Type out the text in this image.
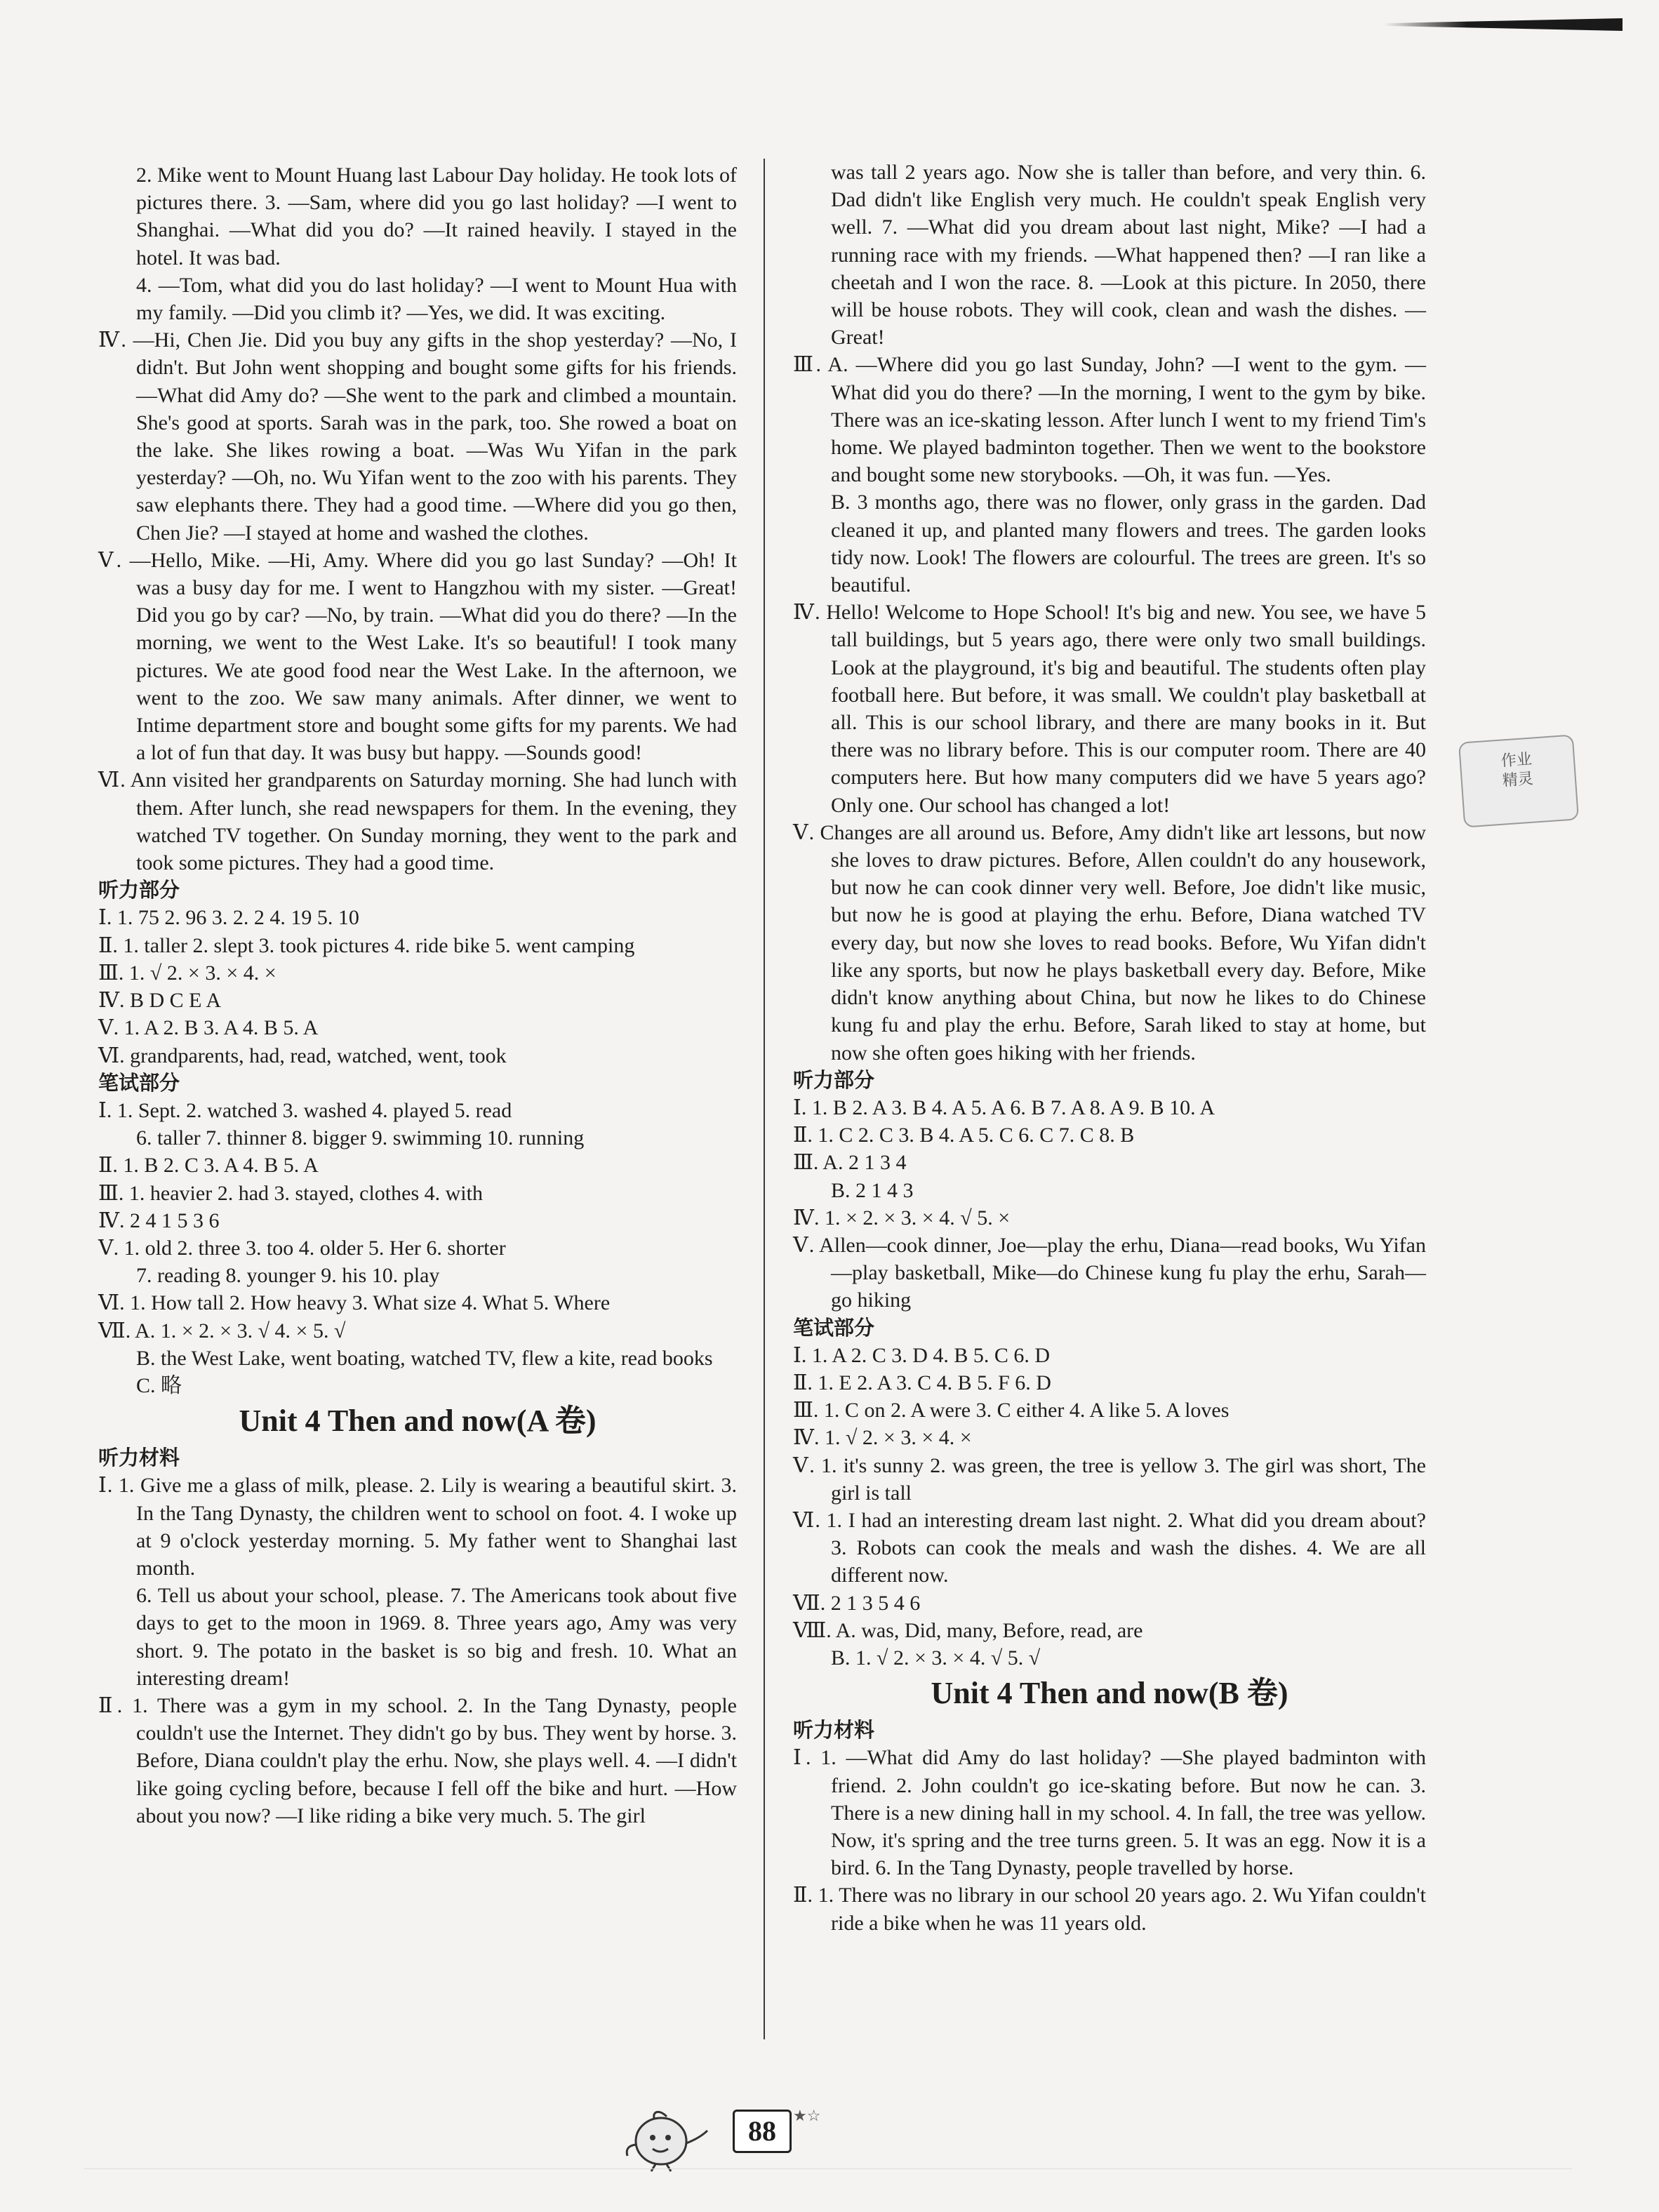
2. Mike went to Mount Huang last Labour Day holiday. He took lots of pictures there. 3. —Sam, where did you go last holiday? —I went to Shanghai. —What did you do? —It rained heavily. I stayed in the hotel. It was bad.

4. —Tom, what did you do last holiday? —I went to Mount Hua with my family. —Did you climb it? —Yes, we did. It was exciting.

Ⅳ. —Hi, Chen Jie. Did you buy any gifts in the shop yesterday? —No, I didn't. But John went shopping and bought some gifts for his friends. —What did Amy do? —She went to the park and climbed a mountain. She's good at sports. Sarah was in the park, too. She rowed a boat on the lake. She likes rowing a boat. —Was Wu Yifan in the park yesterday? —Oh, no. Wu Yifan went to the zoo with his parents. They saw elephants there. They had a good time. —Where did you go then, Chen Jie? —I stayed at home and washed the clothes.

Ⅴ. —Hello, Mike. —Hi, Amy. Where did you go last Sunday? —Oh! It was a busy day for me. I went to Hangzhou with my sister. —Great! Did you go by car? —No, by train. —What did you do there? —In the morning, we went to the West Lake. It's so beautiful! I took many pictures. We ate good food near the West Lake. In the afternoon, we went to the zoo. We saw many animals. After dinner, we went to Intime department store and bought some gifts for my parents. We had a lot of fun that day. It was busy but happy. —Sounds good!

Ⅵ. Ann visited her grandparents on Saturday morning. She had lunch with them. After lunch, she read newspapers for them. In the evening, they watched TV together. On Sunday morning, they went to the park and took some pictures. They had a good time.

听力部分

Ⅰ. 1. 75 2. 96 3. 2. 2 4. 19 5. 10

Ⅱ. 1. taller 2. slept 3. took pictures 4. ride bike 5. went camping

Ⅲ. 1. √ 2. × 3. × 4. ×

Ⅳ. B D C E A

Ⅴ. 1. A 2. B 3. A 4. B 5. A

Ⅵ. grandparents, had, read, watched, went, took

笔试部分

Ⅰ. 1. Sept. 2. watched 3. washed 4. played 5. read

6. taller 7. thinner 8. bigger 9. swimming 10. running

Ⅱ. 1. B 2. C 3. A 4. B 5. A

Ⅲ. 1. heavier 2. had 3. stayed, clothes 4. with

Ⅳ. 2 4 1 5 3 6

Ⅴ. 1. old 2. three 3. too 4. older 5. Her 6. shorter

7. reading 8. younger 9. his 10. play

Ⅵ. 1. How tall 2. How heavy 3. What size 4. What 5. Where

Ⅶ. A. 1. × 2. × 3. √ 4. × 5. √

B. the West Lake, went boating, watched TV, flew a kite, read books

C. 略

Unit 4 Then and now(A 卷)

听力材料

Ⅰ. 1. Give me a glass of milk, please. 2. Lily is wearing a beautiful skirt. 3. In the Tang Dynasty, the children went to school on foot. 4. I woke up at 9 o'clock yesterday morning. 5. My father went to Shanghai last month.

6. Tell us about your school, please. 7. The Americans took about five days to get to the moon in 1969. 8. Three years ago, Amy was very short. 9. The potato in the basket is so big and fresh. 10. What an interesting dream!

Ⅱ. 1. There was a gym in my school. 2. In the Tang Dynasty, people couldn't use the Internet. They didn't go by bus. They went by horse. 3. Before, Diana couldn't play the erhu. Now, she plays well. 4. —I didn't like going cycling before, because I fell off the bike and hurt. —How about you now? —I like riding a bike very much. 5. The girl

was tall 2 years ago. Now she is taller than before, and very thin. 6. Dad didn't like English very much. He couldn't speak English very well. 7. —What did you dream about last night, Mike? —I had a running race with my friends. —What happened then? —I ran like a cheetah and I won the race. 8. —Look at this picture. In 2050, there will be house robots. They will cook, clean and wash the dishes. —Great!

Ⅲ. A. —Where did you go last Sunday, John? —I went to the gym. —What did you do there? —In the morning, I went to the gym by bike. There was an ice-skating lesson. After lunch I went to my friend Tim's home. We played badminton together. Then we went to the bookstore and bought some new storybooks. —Oh, it was fun. —Yes.

B. 3 months ago, there was no flower, only grass in the garden. Dad cleaned it up, and planted many flowers and trees. The garden looks tidy now. Look! The flowers are colourful. The trees are green. It's so beautiful.

Ⅳ. Hello! Welcome to Hope School! It's big and new. You see, we have 5 tall buildings, but 5 years ago, there were only two small buildings. Look at the playground, it's big and beautiful. The students often play football here. But before, it was small. We couldn't play basketball at all. This is our school library, and there are many books in it. But there was no library before. This is our computer room. There are 40 computers here. But how many computers did we have 5 years ago? Only one. Our school has changed a lot!

Ⅴ. Changes are all around us. Before, Amy didn't like art lessons, but now she loves to draw pictures. Before, Allen couldn't do any housework, but now he can cook dinner very well. Before, Joe didn't like music, but now he is good at playing the erhu. Before, Diana watched TV every day, but now she loves to read books. Before, Wu Yifan didn't like any sports, but now he plays basketball every day. Before, Mike didn't know anything about China, but now he likes to do Chinese kung fu and play the erhu. Before, Sarah liked to stay at home, but now she often goes hiking with her friends.

听力部分

Ⅰ. 1. B 2. A 3. B 4. A 5. A 6. B 7. A 8. A 9. B 10. A

Ⅱ. 1. C 2. C 3. B 4. A 5. C 6. C 7. C 8. B

Ⅲ. A. 2 1 3 4

B. 2 1 4 3

Ⅳ. 1. × 2. × 3. × 4. √ 5. ×

Ⅴ. Allen—cook dinner, Joe—play the erhu, Diana—read books, Wu Yifan—play basketball, Mike—do Chinese kung fu play the erhu, Sarah—go hiking

笔试部分

Ⅰ. 1. A 2. C 3. D 4. B 5. C 6. D

Ⅱ. 1. E 2. A 3. C 4. B 5. F 6. D

Ⅲ. 1. C on 2. A were 3. C either 4. A like 5. A loves

Ⅳ. 1. √ 2. × 3. × 4. ×

Ⅴ. 1. it's sunny 2. was green, the tree is yellow 3. The girl was short, The girl is tall

Ⅵ. 1. I had an interesting dream last night. 2. What did you dream about? 3. Robots can cook the meals and wash the dishes. 4. We are all different now.

Ⅶ. 2 1 3 5 4 6

Ⅷ. A. was, Did, many, Before, read, are

B. 1. √ 2. × 3. × 4. √ 5. √

Unit 4 Then and now(B 卷)

听力材料

Ⅰ. 1. —What did Amy do last holiday? —She played badminton with friend. 2. John couldn't go ice-skating before. But now he can. 3. There is a new dining hall in my school. 4. In fall, the tree was yellow. Now, it's spring and the tree turns green. 5. It was an egg. Now it is a bird. 6. In the Tang Dynasty, people travelled by horse.

Ⅱ. 1. There was no library in our school 20 years ago. 2. Wu Yifan couldn't ride a bike when he was 11 years old.

作业
精灵
88	★☆
